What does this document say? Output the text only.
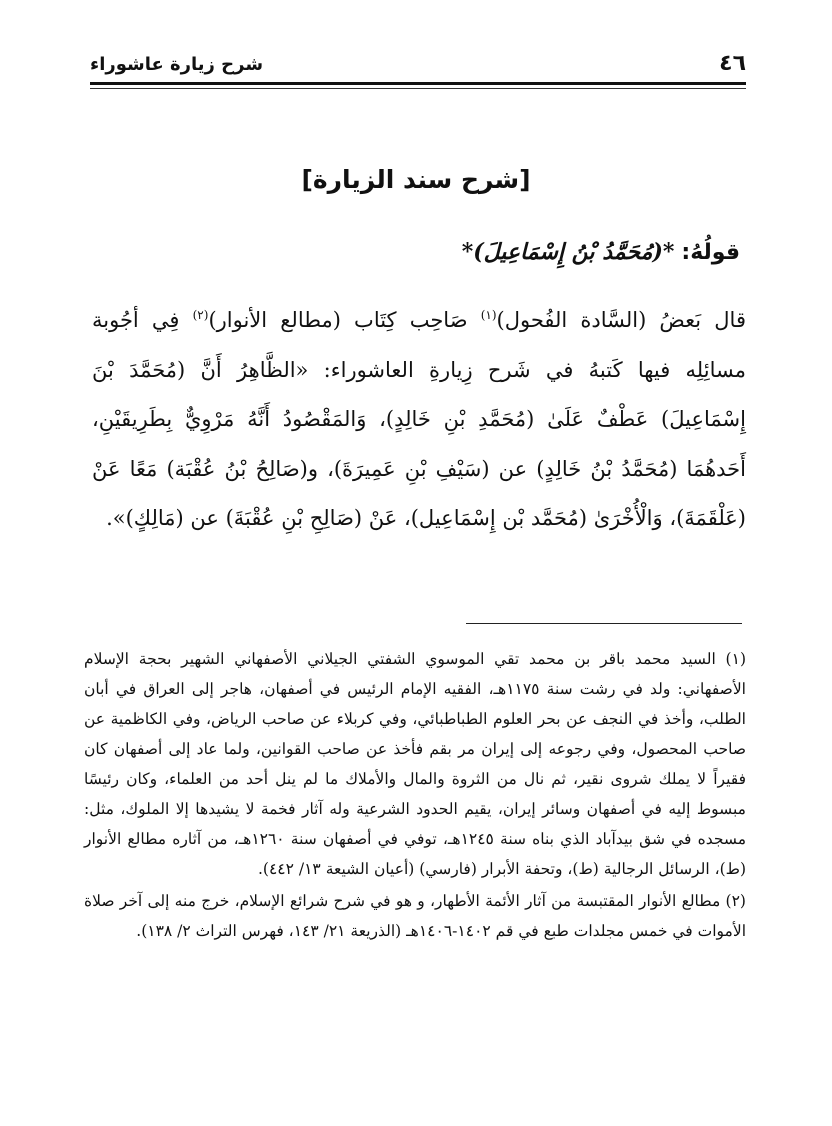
٤٦
شرح زيارة عاشوراء
[شرح سند الزيارة]
قولُهُ: *(مُحَمَّدُ بْنُ إِسْمَاعِيلَ)*
قال بَعضُ (السَّادة الفُحول)$^{(١)}$ صَاحِب كِتَاب (مطالع الأنوار)$^{(٢)}$ فِي أجُوبة مسائِلِه فيها كَتبهُ في شَرح زِيارةِ العاشوراء: «الظَّاهِرُ أَنَّ (مُحَمَّدَ بْنَ إِسْمَاعِيلَ) عَطْفٌ عَلَىٰ (مُحَمَّدِ بْنِ خَالِدٍ)، وَالمَقْصُودُ أَنَّهُ مَرْوِيٌّ بِطَرِيقَيْنِ، أَحَدهُمَا (مُحَمَّدُ بْنُ خَالِدٍ) عن (سَيْفِ بْنِ عَمِيرَةَ)، و(صَالِحُ بْنُ عُقْبَة) مَعًا عَنْ (عَلْقَمَةَ)، وَالْأُخْرَىٰ (مُحَمَّد بْن إِسْمَاعِيل)، عَنْ (صَالِحِ بْنِ عُقْبَةَ) عن (مَالِكٍ)».

(١) السيد محمد باقر بن محمد تقي الموسوي الشفتي الجيلاني الأصفهاني الشهير بحجة الإسلام الأصفهاني: ولد في رشت سنة ١١٧٥هـ، الفقيه الإمام الرئيس في أصفهان، هاجر إلى العراق في أبان الطلب، وأخذ في النجف عن بحر العلوم الطباطبائي، وفي كربلاء عن صاحب الرياض، وفي الكاظمية عن صاحب المحصول، وفي رجوعه إلى إيران مر بقم فأخذ عن صاحب القوانين، ولما عاد إلى أصفهان كان فقيراً لا يملك شروى نقير، ثم نال من الثروة والمال والأملاك ما لم ينل أحد من العلماء، وكان رئيسًا مبسوط إليه في أصفهان وسائر إيران، يقيم الحدود الشرعية وله آثار فخمة لا يشيدها إلا الملوك، مثل: مسجده في شق بيدآباد الذي بناه سنة ١٢٤٥هـ، توفي في أصفهان سنة ١٢٦٠هـ، من آثاره مطالع الأنوار (ط)، الرسائل الرجالية (ط)، وتحفة الأبرار (فارسي) (أعيان الشيعة ١٣/ ٤٤٢).

(٢) مطالع الأنوار المقتبسة من آثار الأئمة الأطهار، و هو في شرح شرائع الإسلام، خرج منه إلى آخر صلاة الأموات في خمس مجلدات طبع في قم ١٤٠٢-١٤٠٦هـ (الذريعة ٢١/ ١٤٣، فهرس التراث ٢/ ١٣٨).
